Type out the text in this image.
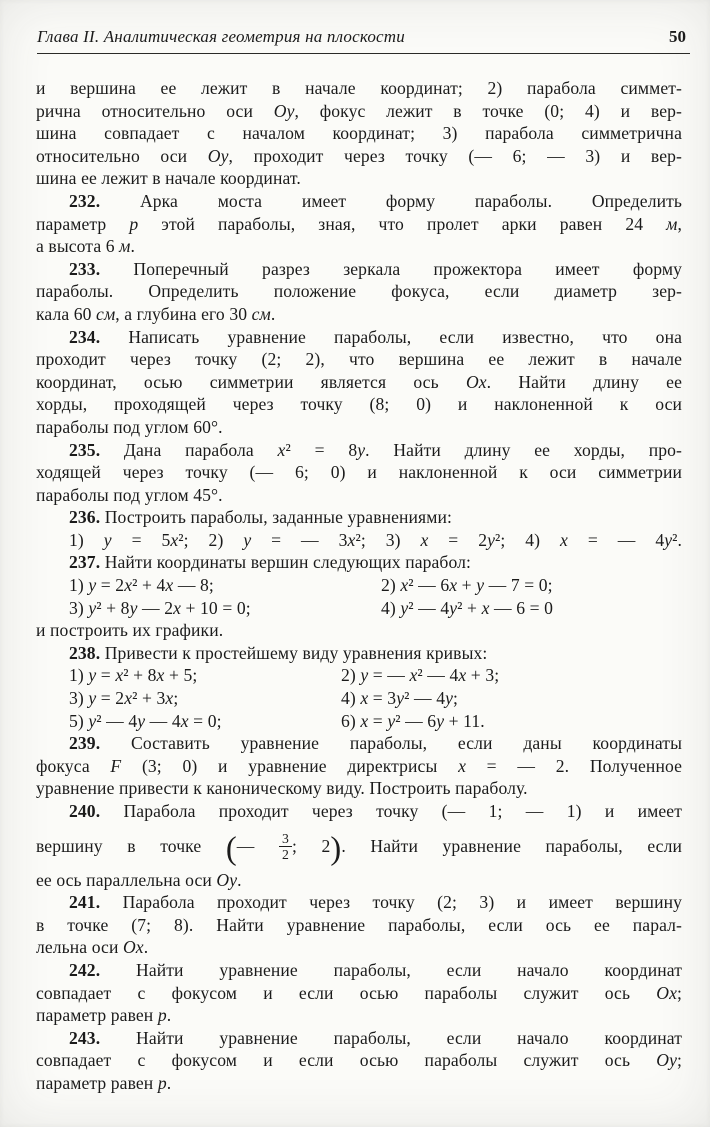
Глава II. Аналитическая геометрия на плоскости	50
и вершина ее лежит в начале координат; 2) парабола симмет-
рична относительно оси Oy, фокус лежит в точке (0; 4) и вер-
шина совпадает с началом координат; 3) парабола симметрична
относительно оси Oy, проходит через точку (— 6; — 3) и вер-
шина ее лежит в начале координат.
232. Арка моста имеет форму параболы. Определить
параметр p этой параболы, зная, что пролет арки равен 24 м,
а высота 6 м.
233. Поперечный разрез зеркала прожектора имеет форму
параболы. Определить положение фокуса, если диаметр зер-
кала 60 см, а глубина его 30 см.
234. Написать уравнение параболы, если известно, что она
проходит через точку (2; 2), что вершина ее лежит в начале
координат, осью симметрии является ось Ox. Найти длину ее
хорды, проходящей через точку (8; 0) и наклоненной к оси
параболы под углом 60°.
235. Дана парабола x² = 8y. Найти длину ее хорды, про-
ходящей через точку (— 6; 0) и наклоненной к оси симметрии
параболы под углом 45°.
236. Построить параболы, заданные уравнениями:
1) y = 5x²; 2) y = — 3x²; 3) x = 2y²; 4) x = — 4y².
237. Найти координаты вершин следующих парабол:
1) y = 2x² + 4x — 8;	2) x² — 6x + y — 7 = 0;
3) y² + 8y — 2x + 10 = 0;	4) y² — 4y² + x — 6 = 0
и построить их графики.
238. Привести к простейшему виду уравнения кривых:
1) y = x² + 8x + 5;	2) y = — x² — 4x + 3;
3) y = 2x² + 3x;	4) x = 3y² — 4y;
5) y² — 4y — 4x = 0;	6) x = y² — 6y + 11.
239. Составить уравнение параболы, если даны координаты
фокуса F (3; 0) и уравнение директрисы x = — 2. Полученное
уравнение привести к каноническому виду. Построить параболу.
240. Парабола проходит через точку (— 1; — 1) и имеет
вершину в точке (— $\frac{3}{2}$ ; 2). Найти уравнение параболы, если
ее ось параллельна оси Oy.
241. Парабола проходит через точку (2; 3) и имеет вершину
в точке (7; 8). Найти уравнение параболы, если ось ее парал-
лельна оси Ox.
242. Найти уравнение параболы, если начало координат
совпадает с фокусом и если осью параболы служит ось Ox;
параметр равен p.
243. Найти уравнение параболы, если начало координат
совпадает с фокусом и если осью параболы служит ось Oy;
параметр равен p.
